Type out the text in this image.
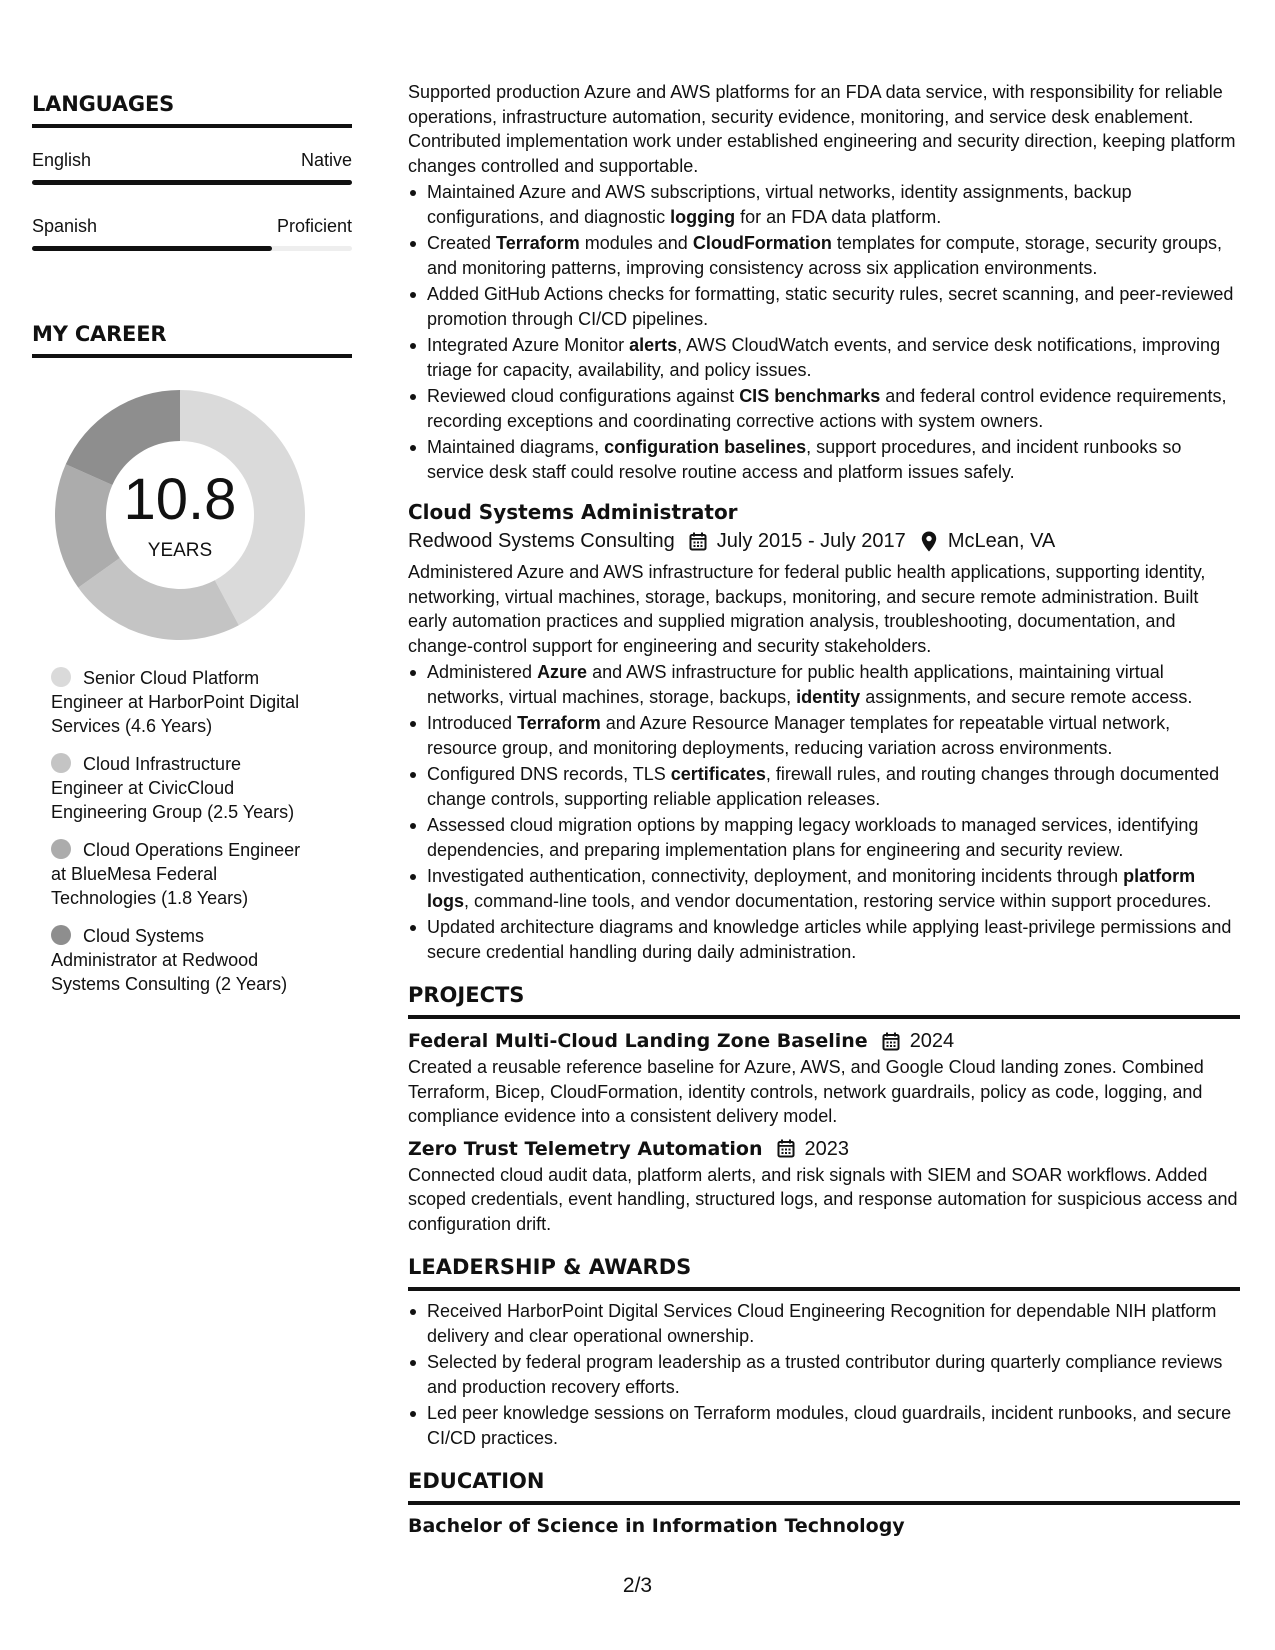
LANGUAGES
English	Native
Spanish	Proficient
MY CAREER
10.8
YEARS
Senior Cloud Platform Engineer at HarborPoint Digital Services (4.6 Years)
Cloud Infrastructure Engineer at CivicCloud Engineering Group (2.5 Years)
Cloud Operations Engineer at BlueMesa Federal Technologies (1.8 Years)
Cloud Systems Administrator at Redwood Systems Consulting (2 Years)

Supported production Azure and AWS platforms for an FDA data service, with responsibility for reliable operations, infrastructure automation, security evidence, monitoring, and service desk enablement. Contributed implementation work under established engineering and security direction, keeping platform changes controlled and supportable.

Maintained Azure and AWS subscriptions, virtual networks, identity assignments, backup configurations, and diagnostic logging for an FDA data platform.
Created Terraform modules and CloudFormation templates for compute, storage, security groups, and monitoring patterns, improving consistency across six application environments.
Added GitHub Actions checks for formatting, static security rules, secret scanning, and peer-reviewed promotion through CI/CD pipelines.
Integrated Azure Monitor alerts, AWS CloudWatch events, and service desk notifications, improving triage for capacity, availability, and policy issues.
Reviewed cloud configurations against CIS benchmarks and federal control evidence requirements, recording exceptions and coordinating corrective actions with system owners.
Maintained diagrams, configuration baselines, support procedures, and incident runbooks so service desk staff could resolve routine access and platform issues safely.
Cloud Systems Administrator
Redwood Systems Consulting July 2015 - July 2017 McLean, VA

Administered Azure and AWS infrastructure for federal public health applications, supporting identity, networking, virtual machines, storage, backups, monitoring, and secure remote administration. Built early automation practices and supplied migration analysis, troubleshooting, documentation, and change-control support for engineering and security stakeholders.

Administered Azure and AWS infrastructure for public health applications, maintaining virtual networks, virtual machines, storage, backups, identity assignments, and secure remote access.
Introduced Terraform and Azure Resource Manager templates for repeatable virtual network, resource group, and monitoring deployments, reducing variation across environments.
Configured DNS records, TLS certificates, firewall rules, and routing changes through documented change controls, supporting reliable application releases.
Assessed cloud migration options by mapping legacy workloads to managed services, identifying dependencies, and preparing implementation plans for engineering and security review.
Investigated authentication, connectivity, deployment, and monitoring incidents through platform logs, command-line tools, and vendor documentation, restoring service within support procedures.
Updated architecture diagrams and knowledge articles while applying least-privilege permissions and secure credential handling during daily administration.
PROJECTS
Federal Multi-Cloud Landing Zone Baseline 2024

Created a reusable reference baseline for Azure, AWS, and Google Cloud landing zones. Combined Terraform, Bicep, CloudFormation, identity controls, network guardrails, policy as code, logging, and compliance evidence into a consistent delivery model.

Zero Trust Telemetry Automation 2023

Connected cloud audit data, platform alerts, and risk signals with SIEM and SOAR workflows. Added scoped credentials, event handling, structured logs, and response automation for suspicious access and configuration drift.

LEADERSHIP & AWARDS
Received HarborPoint Digital Services Cloud Engineering Recognition for dependable NIH platform delivery and clear operational ownership.
Selected by federal program leadership as a trusted contributor during quarterly compliance reviews and production recovery efforts.
Led peer knowledge sessions on Terraform modules, cloud guardrails, incident runbooks, and secure CI/CD practices.
EDUCATION
Bachelor of Science in Information Technology
2/3
